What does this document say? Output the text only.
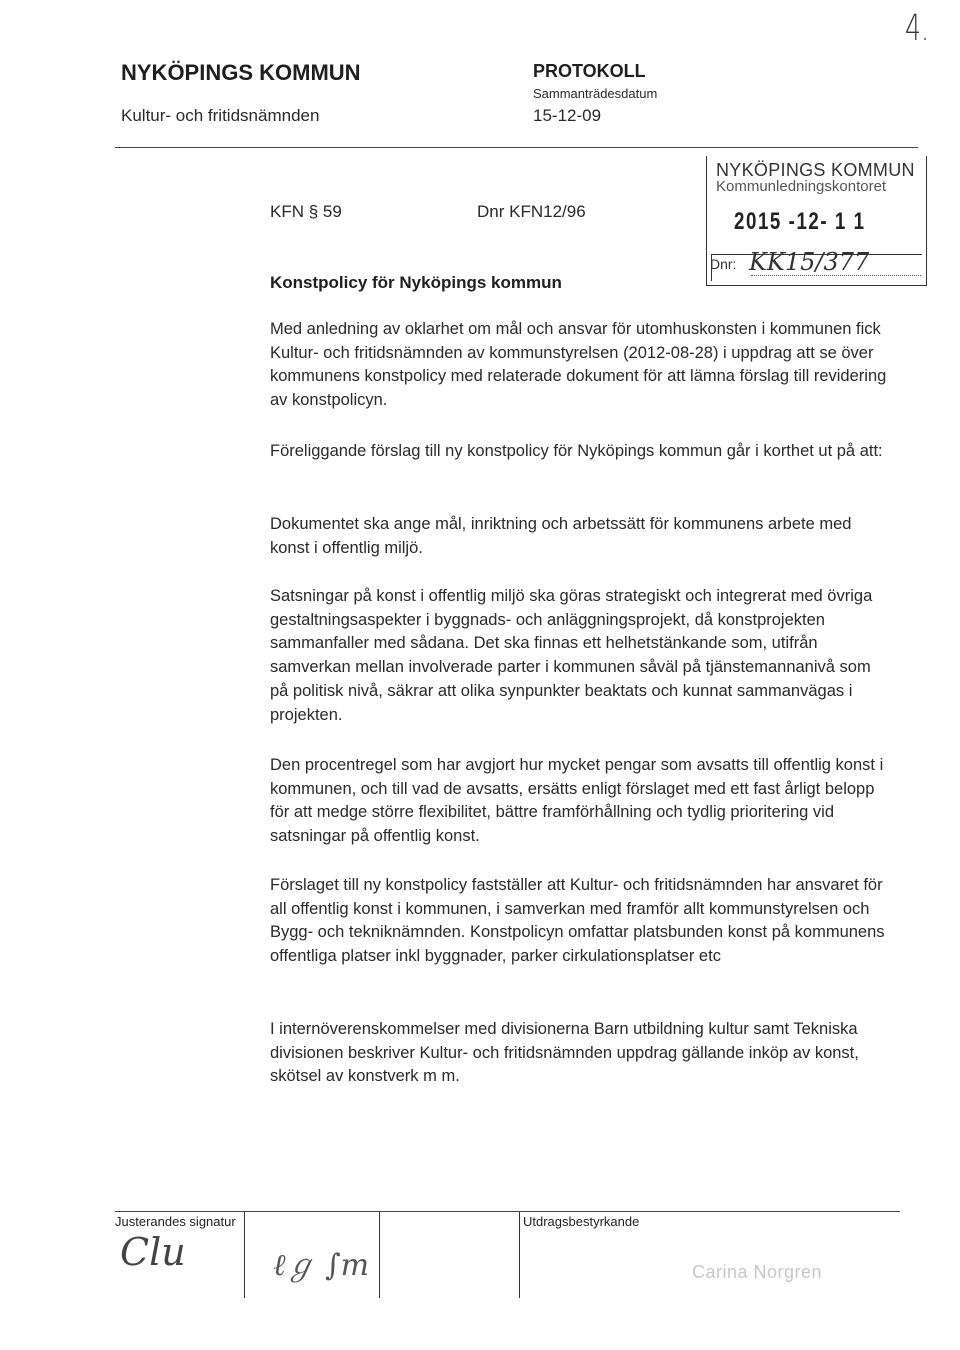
4.
NYKÖPINGS KOMMUN
Kultur- och fritidsnämnden
PROTOKOLL
Sammanträdesdatum
15-12-09
KFN § 59	Dnr KFN12/96
Konstpolicy för Nyköpings kommun
NYKÖPINGS KOMMUN
Kommunledningskontoret
2015 -12- 1 1
Dnr: KK15/377

Med anledning av oklarhet om mål och ansvar för utomhuskonsten i kommunen fick Kultur- och fritidsnämnden av kommunstyrelsen (2012-08-28) i uppdrag att se över kommunens konstpolicy med relaterade dokument för att lämna förslag till revidering av konstpolicyn.

Föreliggande förslag till ny konstpolicy för Nyköpings kommun går i korthet ut på att:

Dokumentet ska ange mål, inriktning och arbetssätt för kommunens arbete med konst i offentlig miljö.

Satsningar på konst i offentlig miljö ska göras strategiskt och integrerat med övriga gestaltningsaspekter i byggnads- och anläggningsprojekt, då konstprojekten sammanfaller med sådana. Det ska finnas ett helhetstänkande som, utifrån samverkan mellan involverade parter i kommunen såväl på tjänstemannanivå som på politisk nivå, säkrar att olika synpunkter beaktats och kunnat sammanvägas i projekten.

Den procentregel som har avgjort hur mycket pengar som avsatts till offentlig konst i kommunen, och till vad de avsatts, ersätts enligt förslaget med ett fast årligt belopp för att medge större flexibilitet, bättre framförhållning och tydlig prioritering vid satsningar på offentlig konst.

Förslaget till ny konstpolicy fastställer att Kultur- och fritidsnämnden har ansvaret för all offentlig konst i kommunen, i samverkan med framför allt kommunstyrelsen och Bygg- och tekniknämnden. Konstpolicyn omfattar platsbunden konst på kommunens offentliga platser inkl byggnader, parker cirkulationsplatser etc

I internöverenskommelser med divisionerna Barn utbildning kultur samt Tekniska divisionen beskriver Kultur- och fritidsnämnden uppdrag gällande inköp av konst, skötsel av konstverk m m.

Justerandes signatur	Utdragsbestyrkande
Clu	ℓℊ ∫m	Carina Norgren
